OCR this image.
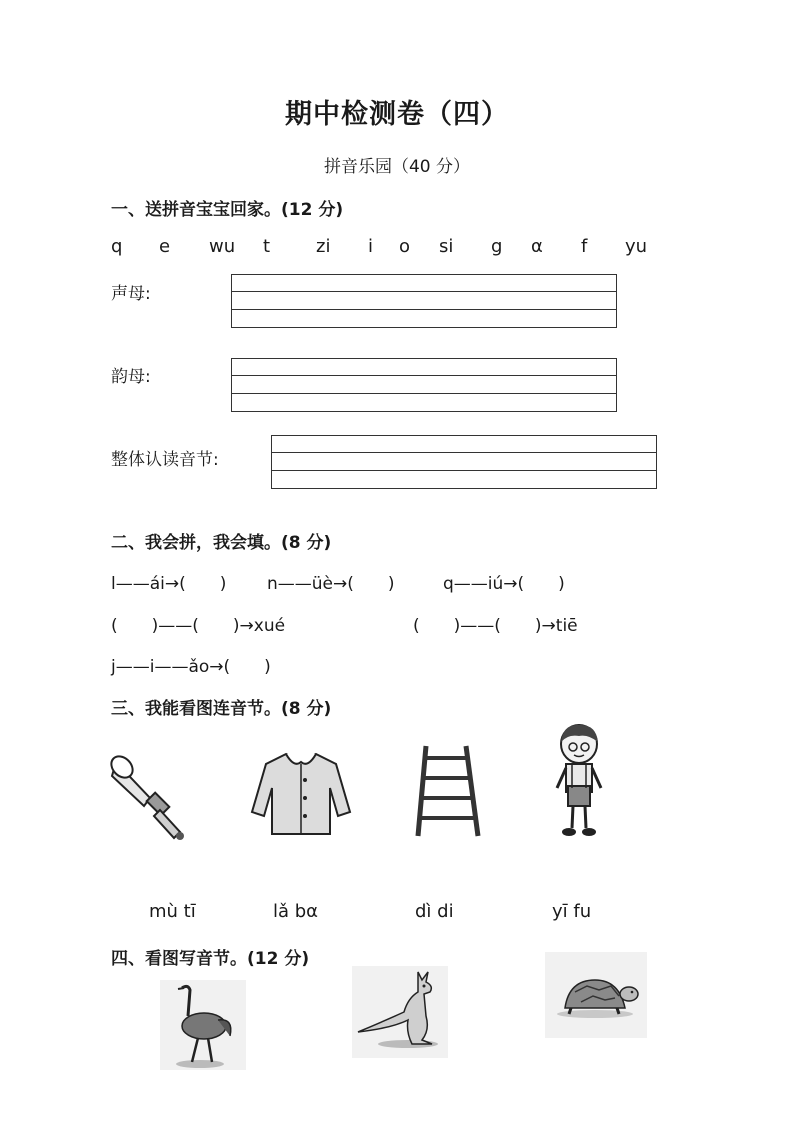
期中检测卷（四）
拼音乐园（40 分）
一、送拼音宝宝回家。(12 分)
q e wu t	zi i o si g α f yu
声母:
韵母:
整体认读音节:
二、我会拼，我会填。(8 分)
l——ái→(　　) n——üè→(　　)	q——iú→(　　)
(　　)——(　　)→xué	(　　)——(　　)→tiē
j——i——ǎo→(　　)
三、我能看图连音节。(8 分)
mù tī	lǎ bα	dì di	yī fu
四、看图写音节。(12 分)
